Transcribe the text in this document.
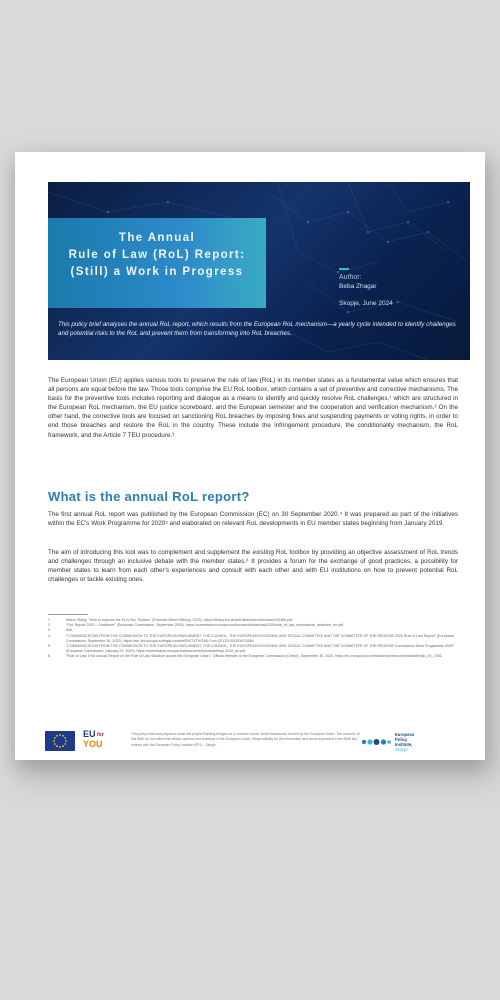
The Annual
Rule of Law (RoL) Report:
(Still) a Work in Progress	Author:
Beba Zhagar
Skopje, June 2024
This policy brief analyses the annual RoL report, which results from the European RoL mechanism—a yearly cycle intended to identify challenges and potential risks to the RoL and prevent them from transforming into RoL breaches.
The European Union (EU) applies various tools to preserve the rule of law (RoL) in its member states as a fundamental value which ensures that all persons are equal before the law. Those tools comprise the EU RoL toolbox, which contains a set of preventive and corrective mechanisms. The basis for the preventive tools includes reporting and dialogue as a means to identify and quickly resolve RoL challenges,¹ which are structured in the European RoL mechanism, the EU justice scoreboard, and the European semester and the cooperation and verification mechanism.² On the other hand, the corrective tools are focused on sanctioning RoL breaches by imposing fines and suspending payments or voting rights, in order to end those breaches and restore the RoL in the country. These include the infringement procedure, the conditionality mechanism, the RoL framework, and the Article 7 TEU procedure.³
What is the annual RoL report?
The first annual RoL report was published by the European Commission (EC) on 30 September 2020.⁴ It was prepared as part of the initiatives within the EC's Work Programme for 2020⁵ and elaborated on relevant RoL developments in EU member states beginning from January 2019.
The aim of introducing this tool was to complement and supplement the existing RoL toolbox by providing an objective assessment of RoL trends and challenges through an inclusive debate with the member states.⁶ It provides a forum for the exchange of good practices, a possibility for member states to learn from each other's experiences and consult with each other and with EU institutions on how to prevent potential RoL challenges or tackle existing ones.
1	Marco Stang, "How to improve the EU's RoL Toolbox" (Friedrich-Ebert-Stiftung, 2023), https://library.fes.de/pdf-files/bueros/bruessel/20388.pdf.
2	"RoL Report 2020 – Factsheet" (European Commission, September 2020), https://commission.europa.eu/document/download/2020/rule_of_law_mechanism_factsheet_en.pdf.
3	Ibid.
4	"COMMUNICATION FROM THE COMMISSION TO THE EUROPEAN PARLIAMENT, THE COUNCIL, THE EUROPEAN ECONOMIC AND SOCIAL COMMITTEE AND THE COMMITTEE OF THE REGIONS 2020 Rule of Law Report" (European Commission, September 30, 2020), https://eur-lex.europa.eu/legal-content/EN/TXT/HTML/?uri=CELEX:52020DC0580.
5	"COMMUNICATION FROM THE COMMISSION TO THE EUROPEAN PARLIAMENT, THE COUNCIL, THE EUROPEAN ECONOMIC AND SOCIAL COMMITTEE AND THE COMMITTEE OF THE REGIONS Commission Work Programme 2020" (European Commission, January 29, 2020), https://commission.europa.eu/document/download/cwp-2020_en.pdf.
6	"Rule of Law: First Annual Report on the Rule of Law Situation across the European Union," Official Website of the European Commission (Online), September 30, 2020, https://ec.europa.eu/commission/presscorner/detail/en/ip_20_1756.
EU for
YOU
This policy brief was prepared under the project Building bridges for a common future: North Macedonia, funded by the European Union. The contents of this Brief do not reflect the official opinions and positions of the European Union. Responsibility for the information and views expressed in the Brief lies entirely with the European Policy Institute (EPI) – Skopje.
European
Policy
Institute,
Skopje
